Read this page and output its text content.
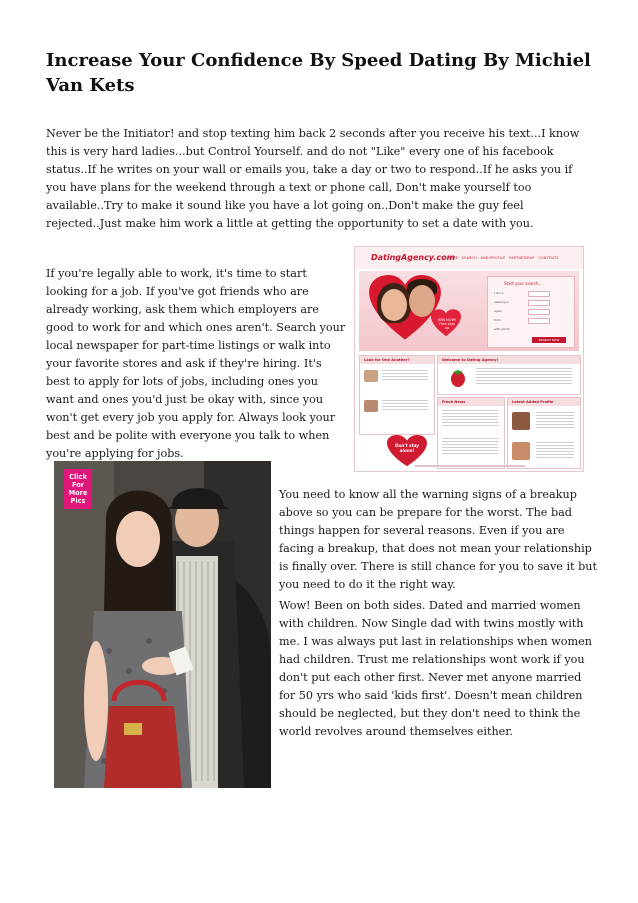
Increase Your Confidence By Speed Dating By Michiel Van Kets

Never be the Initiator! and stop texting him back 2 seconds after you receive his text...I know this is very hard ladies...but Control Yourself. and do not "Like" every one of his facebook status..If he writes on your wall or emails you, take a day or two to respond..If he asks you if you have plans for the weekend through a text or phone call, Don't make yourself too available..Try to make it sound like you have a lot going on..Don't make the guy feel rejected..Just make him work a little at getting the opportunity to set a date with you.

If you're legally able to work, it's time to start looking for a job. If you've got friends who are already working, ask them which employers are good to work for and which ones aren't. Search your local newspaper for part-time listings or walk into your favorite stores and ask if they're hiring. It's best to apply for lots of jobs, including ones you want and ones you'd just be okay with, since you won't get every job you apply for. Always look your best and be polite with everyone you talk to when you're applying for jobs.

DatingAgency.com
HOME · SEARCH · AND PROFILE · PARTNERSHIP · CONTENTS
JOIN NOW! Free sign up
Start your search...
I am a
seeking a
aged
from
with photo
SEARCH NOW
Look for One Another?	Welcome to Dating Agency!
Fresh News	Latest Added Profile
Don't stay alone!
Click
For
More
Pics	You need to know all the warning signs of a breakup above so you can be prepare for the worst. The bad things happen for several reasons. Even if you are facing a breakup, that does not mean your relationship is finally over. There is still chance for you to save it but you need to do it the right way.

Wow! Been on both sides. Dated and married women with children. Now Single dad with twins mostly with me. I was always put last in relationships when women had children. Trust me relationships wont work if you don't put each other first. Never met anyone married for 50 yrs who said 'kids first'. Doesn't mean children should be neglected, but they don't need to think the world revolves around themselves either.
